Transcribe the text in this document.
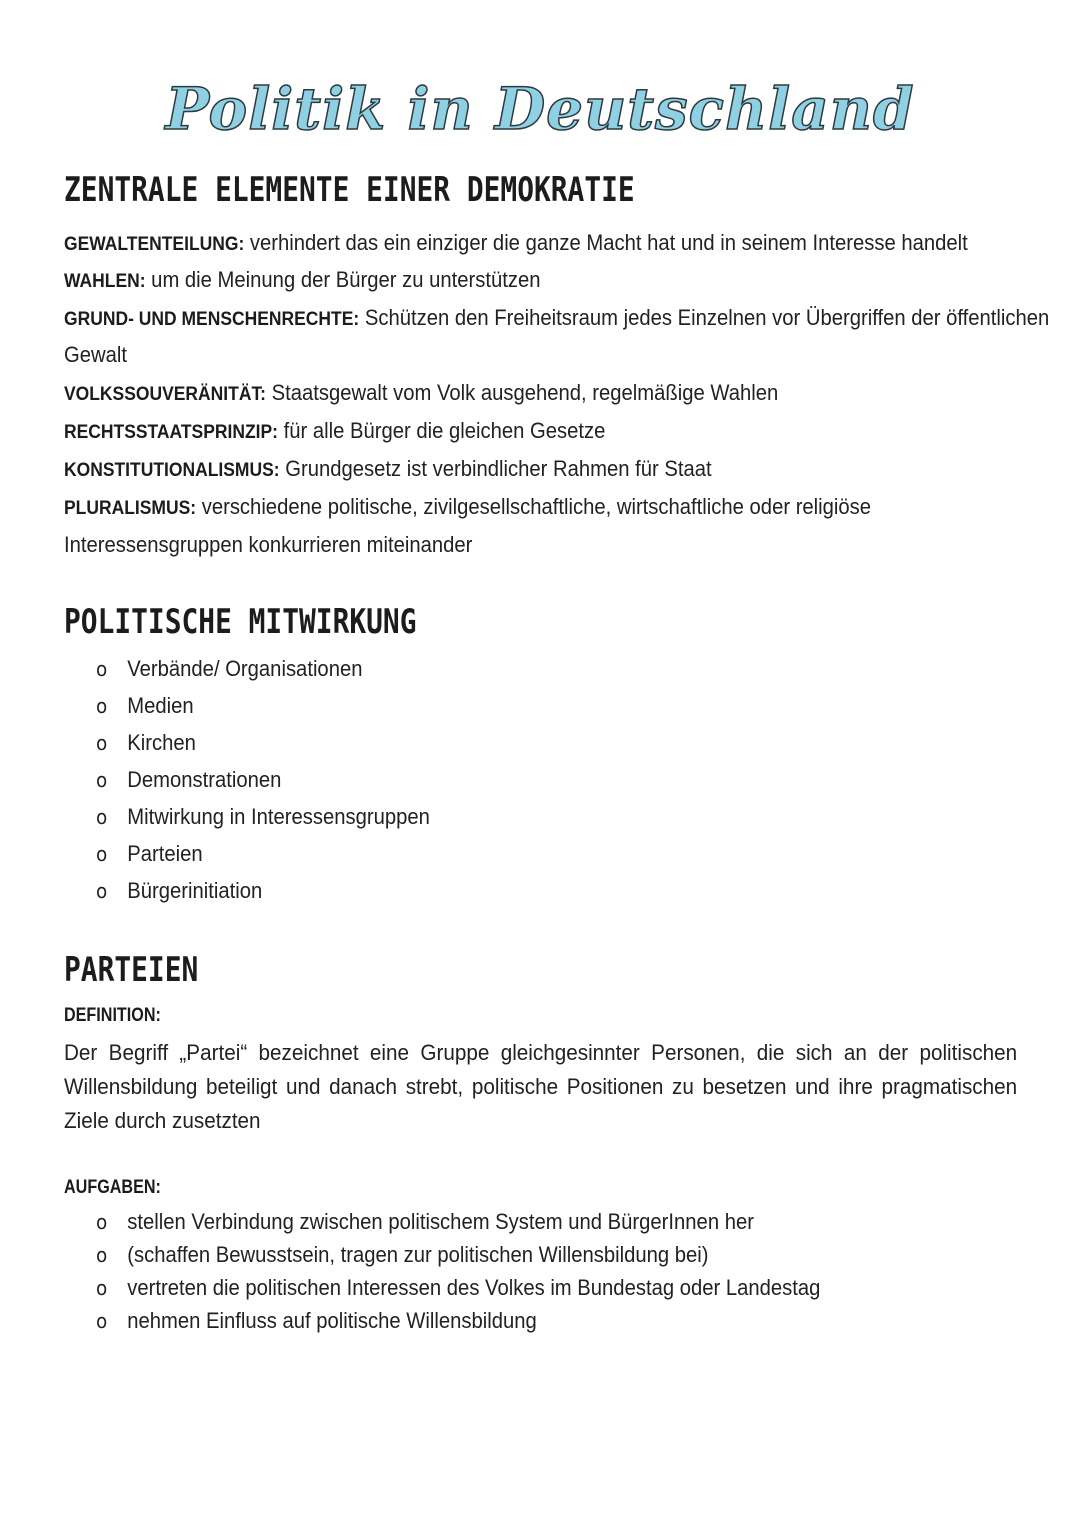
Politik in Deutschland
ZENTRALE ELEMENTE EINER DEMOKRATIE
GEWALTENTEILUNG: verhindert das ein einziger die ganze Macht hat und in seinem Interesse handelt
WAHLEN: um die Meinung der Bürger zu unterstützen
GRUND- UND MENSCHENRECHTE: Schützen den Freiheitsraum jedes Einzelnen vor Übergriffen der öffentlichen
Gewalt
VOLKSSOUVERÄNITÄT: Staatsgewalt vom Volk ausgehend, regelmäßige Wahlen
RECHTSSTAATSPRINZIP: für alle Bürger die gleichen Gesetze
KONSTITUTIONALISMUS: Grundgesetz ist verbindlicher Rahmen für Staat
PLURALISMUS: verschiedene politische, zivilgesellschaftliche, wirtschaftliche oder religiöse
Interessensgruppen konkurrieren miteinander
POLITISCHE MITWIRKUNG
o Verbände/ Organisationen
o Medien
o Kirchen
o Demonstrationen
o Mitwirkung in Interessensgruppen
o Parteien
o Bürgerinitiation
PARTEIEN
DEFINITION:
Der Begriff „Partei“ bezeichnet eine Gruppe gleichgesinnter Personen, die sich an der politischen Willensbildung beteiligt und danach strebt, politische Positionen zu besetzen und ihre pragmatischen Ziele durch zusetzten
AUFGABEN:
o stellen Verbindung zwischen politischem System und BürgerInnen her
o (schaffen Bewusstsein, tragen zur politischen Willensbildung bei)
o vertreten die politischen Interessen des Volkes im Bundestag oder Landestag
o nehmen Einfluss auf politische Willensbildung
